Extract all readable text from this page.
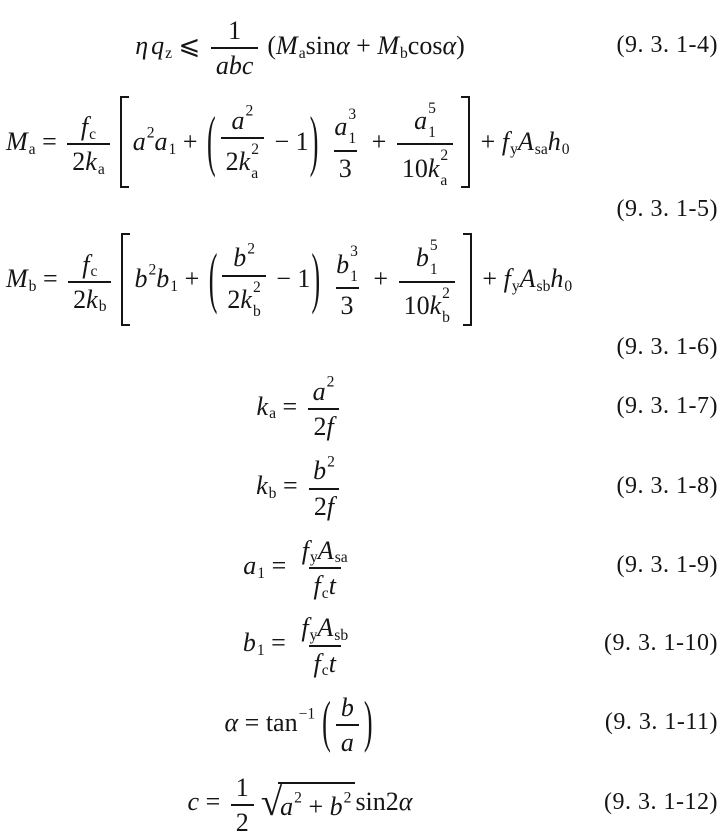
η q z ⩽ $\frac{1}{\text{abc}}$ ( M a sin α + M b cos α )	(9. 3. 1-4)
M $a = \frac{\text{f c}}{\text{2 k a}}$ a 2 a 1 + ( a 2
2 k 2
a − 1 ) a 3
1
3 + a 5
1
10 k 2
a + f y A sa h 0
(9. 3. 1-5)
M $b = \frac{\text{f c}}{\text{2 k b}}$ b 2 b 1 + ( b 2
2 k 2
b − 1 ) b 3
1
3 + b 5
1
10 k 2
b + f y A sb h 0
(9. 3. 1-6)
k $a = \frac{a 2}{2 f}$	(9. 3. 1-7)
k $b = \frac{b 2}{2 f}$	(9. 3. 1-8)
a $1 = \frac{\text{f y A sa}}{\text{f c t}}$	(9. 3. 1-9)
b $1 = \frac{\text{f y A sb}}{\text{f c t}}$	(9. 3. 1-10)
α = tan −1 ( $\frac{b}{a}$ )	(9. 3. 1-11)
$c = \frac{1}{2}$ √
a 2 + b 2 sin2 α	(9. 3. 1-12)
